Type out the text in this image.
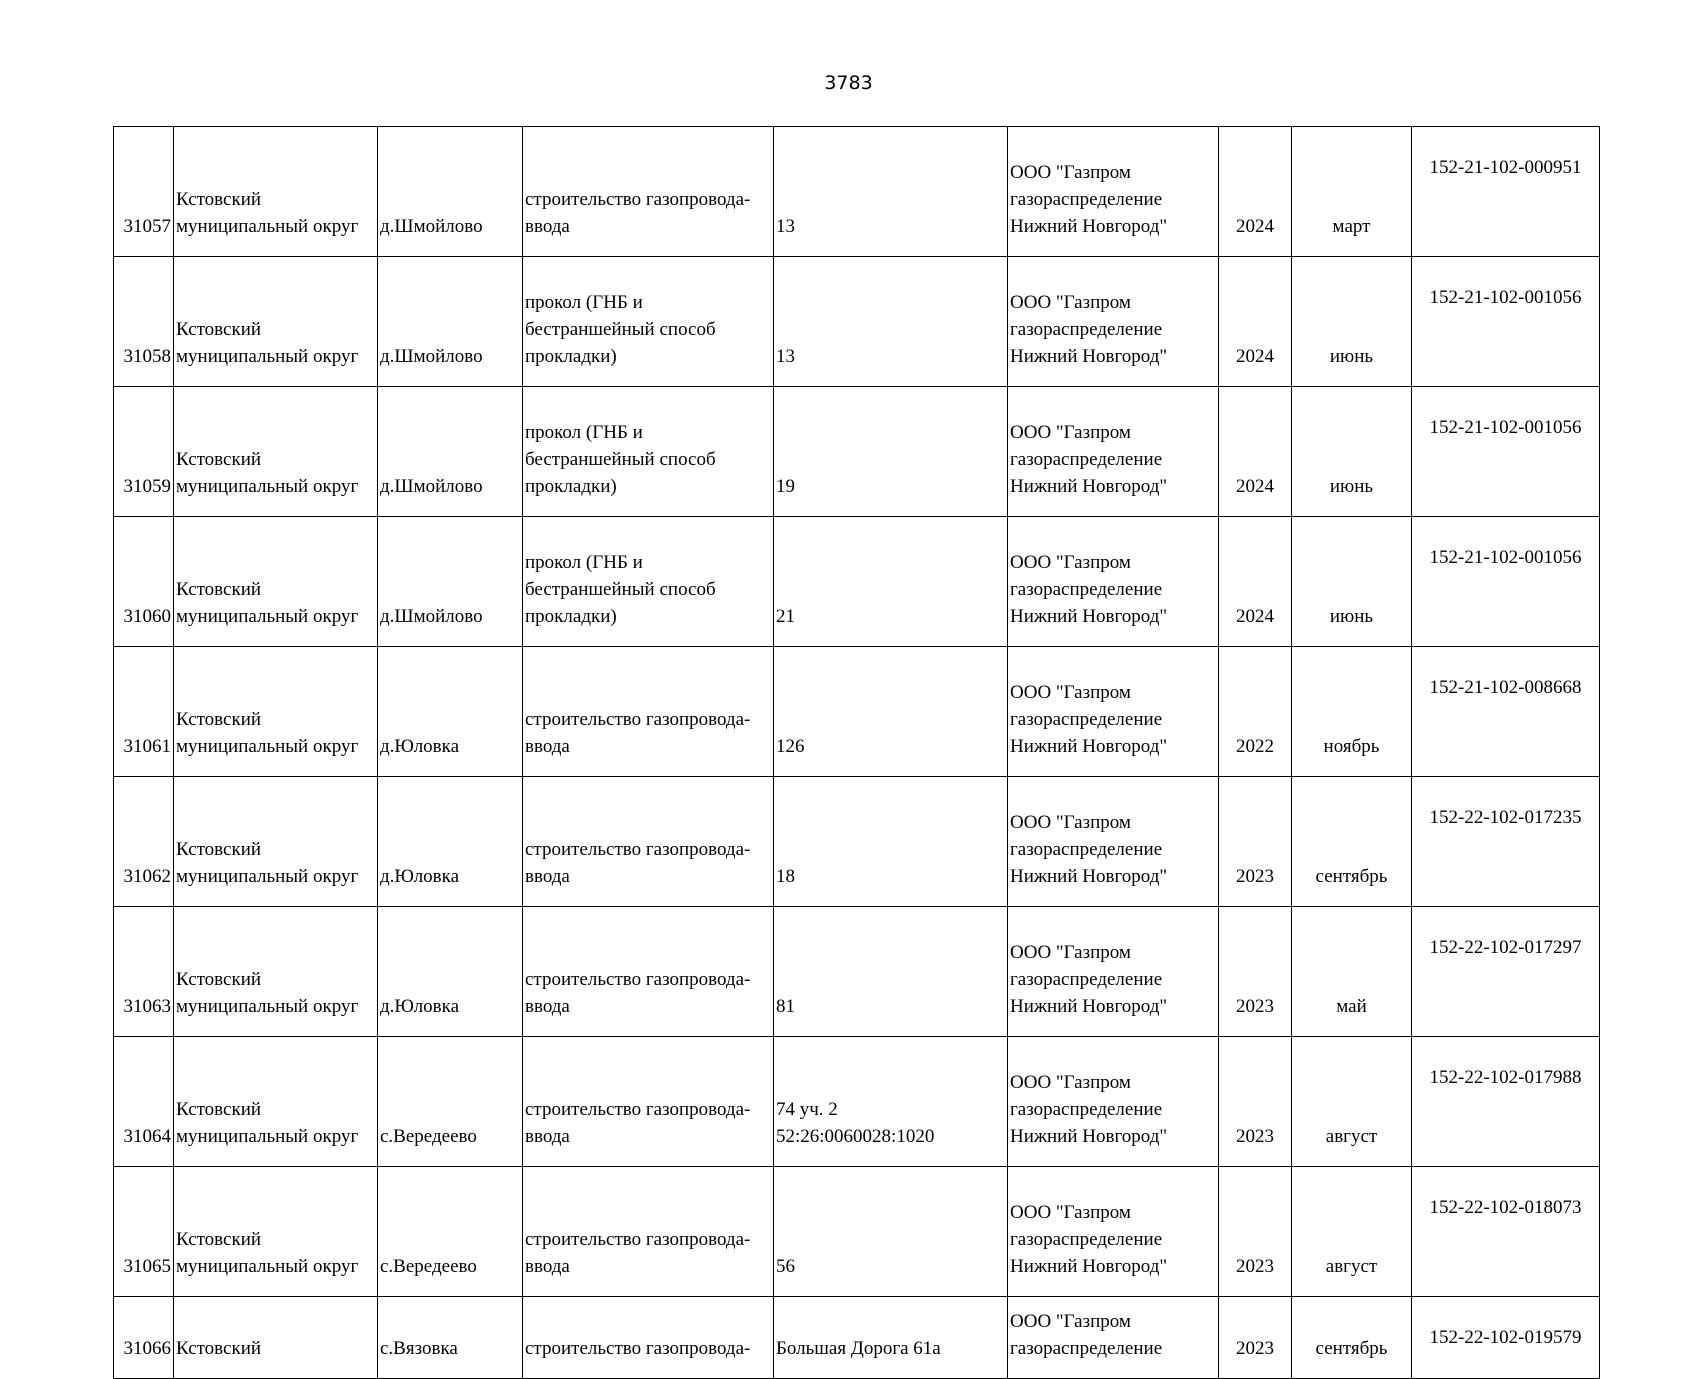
3783
31057	Кстовский
муниципальный округ	д.Шмойлово	строительство газопровода-
ввода	13	ООО "Газпром
газораспределение
Нижний Новгород"	2024	март	152-21-102-000951

31058	Кстовский
муниципальный округ	д.Шмойлово	прокол (ГНБ и
бестраншейный способ
прокладки)	13	ООО "Газпром
газораспределение
Нижний Новгород"	2024	июнь	152-21-102-001056

31059	Кстовский
муниципальный округ	д.Шмойлово	прокол (ГНБ и
бестраншейный способ
прокладки)	19	ООО "Газпром
газораспределение
Нижний Новгород"	2024	июнь	152-21-102-001056

31060	Кстовский
муниципальный округ	д.Шмойлово	прокол (ГНБ и
бестраншейный способ
прокладки)	21	ООО "Газпром
газораспределение
Нижний Новгород"	2024	июнь	152-21-102-001056

31061	Кстовский
муниципальный округ	д.Юловка	строительство газопровода-
ввода	126	ООО "Газпром
газораспределение
Нижний Новгород"	2022	ноябрь	152-21-102-008668

31062	Кстовский
муниципальный округ	д.Юловка	строительство газопровода-
ввода	18	ООО "Газпром
газораспределение
Нижний Новгород"	2023	сентябрь	152-22-102-017235

31063	Кстовский
муниципальный округ	д.Юловка	строительство газопровода-
ввода	81	ООО "Газпром
газораспределение
Нижний Новгород"	2023	май	152-22-102-017297

31064	Кстовский
муниципальный округ	с.Вередеево	строительство газопровода-
ввода	74 уч. 2
52:26:0060028:1020	ООО "Газпром
газораспределение
Нижний Новгород"	2023	август	152-22-102-017988

31065	Кстовский
муниципальный округ	с.Вередеево	строительство газопровода-
ввода	56	ООО "Газпром
газораспределение
Нижний Новгород"	2023	август	152-22-102-018073

31066	Кстовский	с.Вязовка	строительство газопровода-	Большая Дорога 61а	ООО "Газпром
газораспределение	2023	сентябрь	152-22-102-019579
